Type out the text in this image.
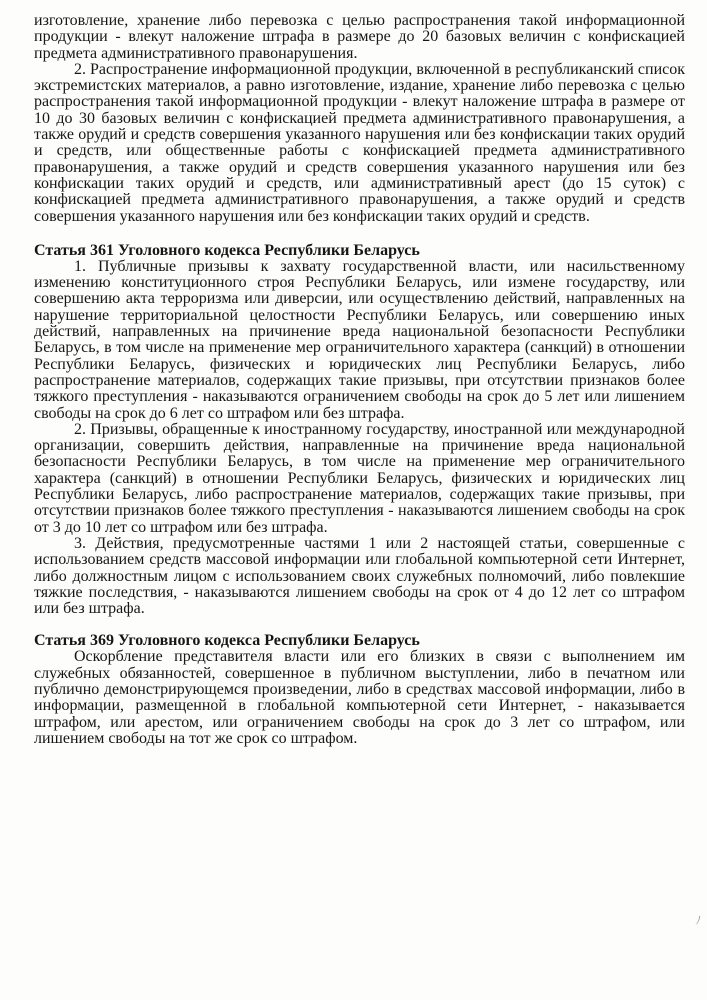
изготовление, хранение либо перевозка с целью распространения такой информационной продукции - влекут наложение штрафа в размере до 20 базовых величин с конфискацией предмета административного правонарушения.

2. Распространение информационной продукции, включенной в республиканский список экстремистских материалов, а равно изготовление, издание, хранение либо перевозка с целью распространения такой информационной продукции - влекут наложение штрафа в размере от 10 до 30 базовых величин с конфискацией предмета административного правонарушения, а также орудий и средств совершения указанного нарушения или без конфискации таких орудий и средств, или общественные работы с конфискацией предмета административного правонарушения, а также орудий и средств совершения указанного нарушения или без конфискации таких орудий и средств, или административный арест (до 15 суток) с конфискацией предмета административного правонарушения, а также орудий и средств совершения указанного нарушения или без конфискации таких орудий и средств.

Статья 361 Уголовного кодекса Республики Беларусь

1. Публичные призывы к захвату государственной власти, или насильственному изменению конституционного строя Республики Беларусь, или измене государству, или совершению акта терроризма или диверсии, или осуществлению действий, направленных на нарушение территориальной целостности Республики Беларусь, или совершению иных действий, направленных на причинение вреда национальной безопасности Республики Беларусь, в том числе на применение мер ограничительного характера (санкций) в отношении Республики Беларусь, физических и юридических лиц Республики Беларусь, либо распространение материалов, содержащих такие призывы, при отсутствии признаков более тяжкого преступления - наказываются ограничением свободы на срок до 5 лет или лишением свободы на срок до 6 лет со штрафом или без штрафа.

2. Призывы, обращенные к иностранному государству, иностранной или международной организации, совершить действия, направленные на причинение вреда национальной безопасности Республики Беларусь, в том числе на применение мер ограничительного характера (санкций) в отношении Республики Беларусь, физических и юридических лиц Республики Беларусь, либо распространение материалов, содержащих такие призывы, при отсутствии признаков более тяжкого преступления - наказываются лишением свободы на срок от 3 до 10 лет со штрафом или без штрафа.

3. Действия, предусмотренные частями 1 или 2 настоящей статьи, совершенные с использованием средств массовой информации или глобальной компьютерной сети Интернет, либо должностным лицом с использованием своих служебных полномочий, либо повлекшие тяжкие последствия, - наказываются лишением свободы на срок от 4 до 12 лет со штрафом или без штрафа.

Статья 369 Уголовного кодекса Республики Беларусь

Оскорбление представителя власти или его близких в связи с выполнением им служебных обязанностей, совершенное в публичном выступлении, либо в печатном или публично демонстрирующемся произведении, либо в средствах массовой информации, либо в информации, размещенной в глобальной компьютерной сети Интернет, - наказывается штрафом, или арестом, или ограничением свободы на срок до 3 лет со штрафом, или лишением свободы на тот же срок со штрафом.

ﾉ
